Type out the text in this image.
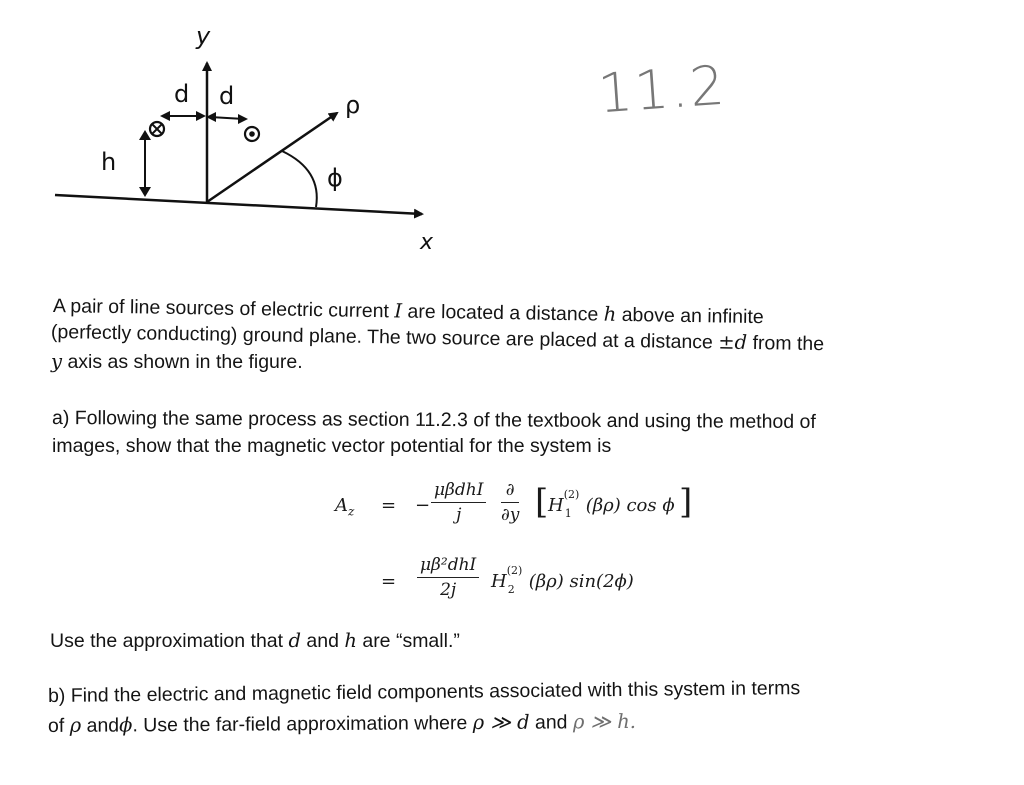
y
x
ρ
ϕ
h
d d	11.2
A pair of line sources of electric current I are located a distance h above an infinite
(perfectly conducting) ground plane. The two source are placed at a distance ±d from the
y axis as shown in the figure.
a) Following the same process as section 11.2.3 of the textbook and using the method of
images, show that the magnetic vector potential for the system is
$A_z$ = −
μβdhI
j
∂
∂y [ H
(2)
1 (βρ) cos ϕ ]
=
μβ²dhI
2j	H
(2)
2 (βρ) sin(2ϕ)
Use the approximation that d and h are “small.”
b) Find the electric and magnetic field components associated with this system in terms
of ρ andϕ. Use the far-field approximation where ρ ≫ d and ρ ≫ h.
